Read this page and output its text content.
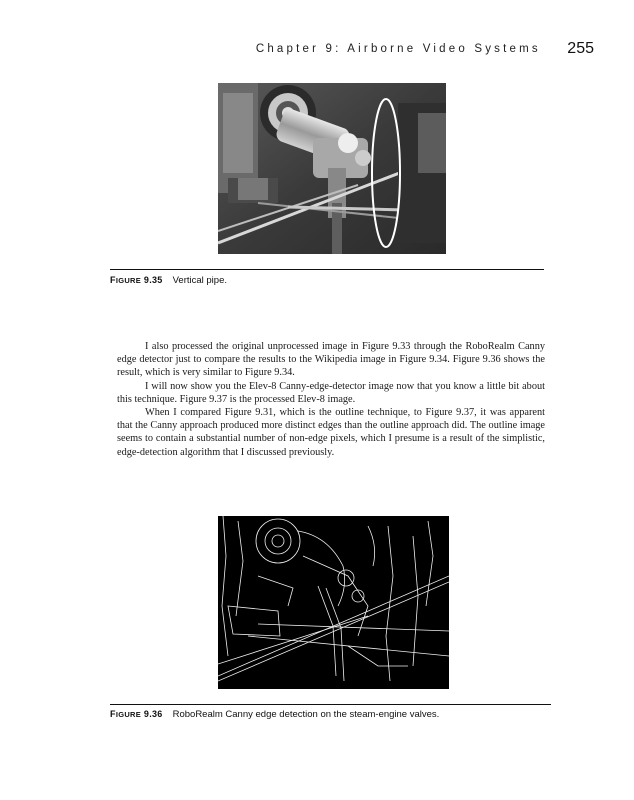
Chapter 9: Airborne Video Systems 255
FIGURE 9.35 Vertical pipe.

I also processed the original unprocessed image in Figure 9.33 through the RoboRealm Canny edge detector just to compare the results to the Wikipedia image in Figure 9.34. Figure 9.36 shows the result, which is very similar to Figure 9.34.

I will now show you the Elev-8 Canny-edge-detector image now that you know a little bit about this technique. Figure 9.37 is the processed Elev-8 image.

When I compared Figure 9.31, which is the outline technique, to Figure 9.37, it was apparent that the Canny approach produced more distinct edges than the outline approach did. The outline image seems to contain a substantial number of non-edge pixels, which I presume is a result of the simplistic, edge-detection algorithm that I discussed previously.

FIGURE 9.36 RoboRealm Canny edge detection on the steam-engine valves.
